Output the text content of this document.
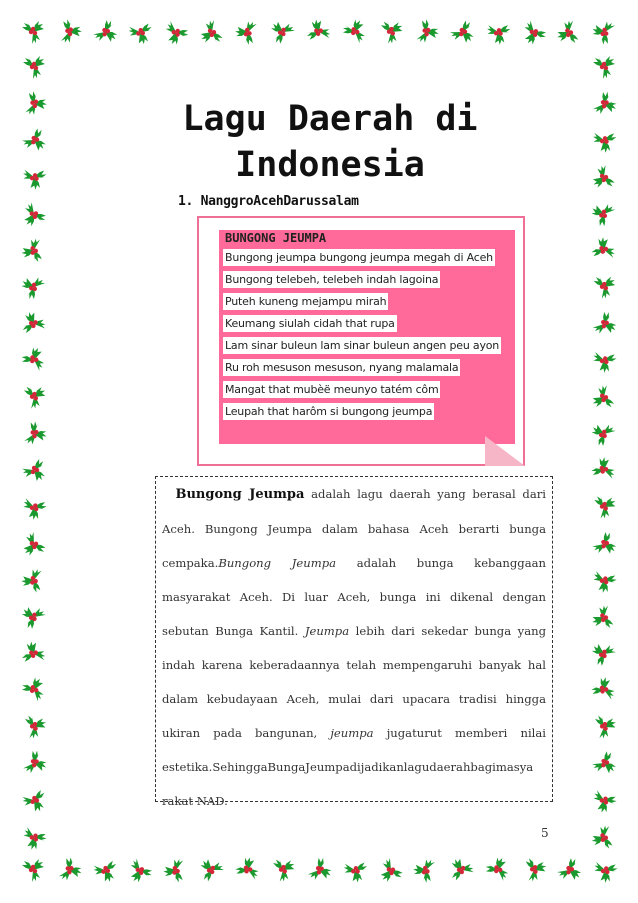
Lagu Daerah di
Indonesia

1. NanggroAcehDarussalam

BUNGONG JEUMPA

Bungong jeumpa bungong jeumpa megah di Aceh
Bungong telebeh, telebeh indah lagoina
Puteh kuneng mejampu mirah
Keumang siulah cidah that rupa
Lam sinar buleun lam sinar buleun angen peu ayon
Ru roh mesuson mesuson, nyang malamala
Mangat that mubèë meunyo tatém côm
Leupah that harôm si bungong jeumpa

Bungong Jeumpa adalah lagu daerah yang berasal dari Aceh. Bungong Jeumpa dalam bahasa Aceh berarti bunga cempaka.Bungong Jeumpa adalah bunga kebanggaan masyarakat Aceh. Di luar Aceh, bunga ini dikenal dengan sebutan Bunga Kantil. Jeumpa lebih dari sekedar bunga yang indah karena keberadaannya telah mempengaruhi banyak hal dalam kebudayaan Aceh, mulai dari upacara tradisi hingga ukiran pada bangunan, jeumpa jugaturut memberi nilai estetika.SehinggaBungaJeumpadijadikanlagudaerahbagimasya rakat NAD.

5
